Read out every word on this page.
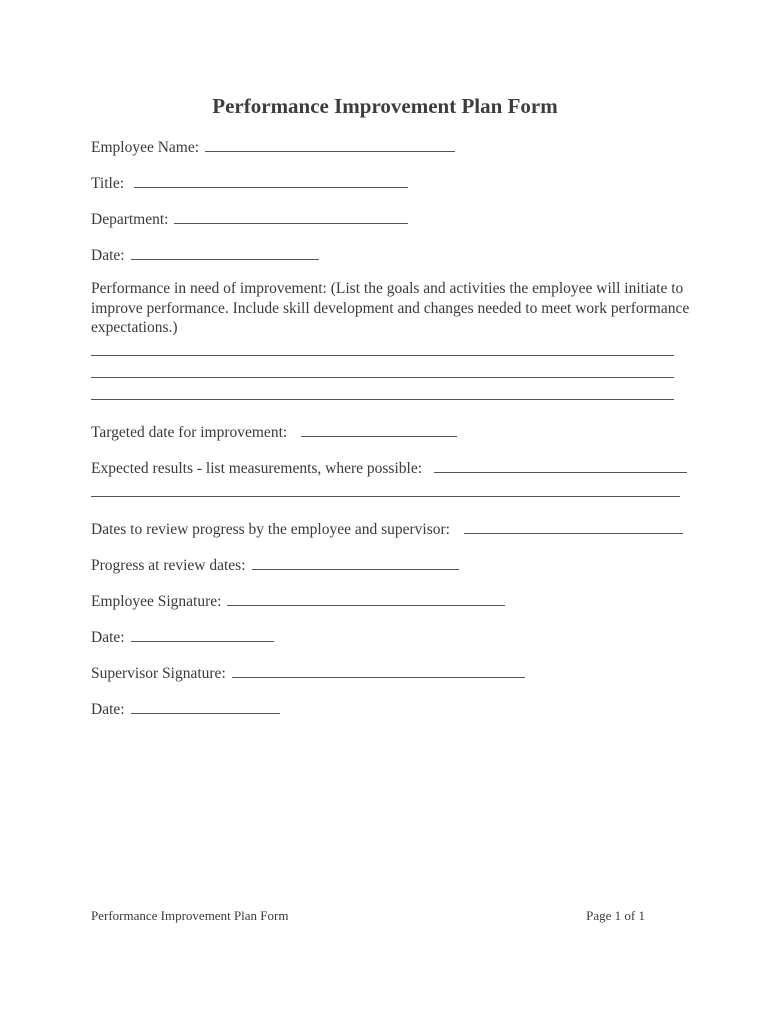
Performance Improvement Plan Form
Employee Name:
Title:
Department:
Date:
Performance in need of improvement: (List the goals and activities the employee will initiate to improve performance. Include skill development and changes needed to meet work performance expectations.)
Targeted date for improvement:
Expected results - list measurements, where possible:
Dates to review progress by the employee and supervisor:
Progress at review dates:
Employee Signature:
Date:
Supervisor Signature:
Date:
Performance Improvement Plan Form	Page 1 of 1
